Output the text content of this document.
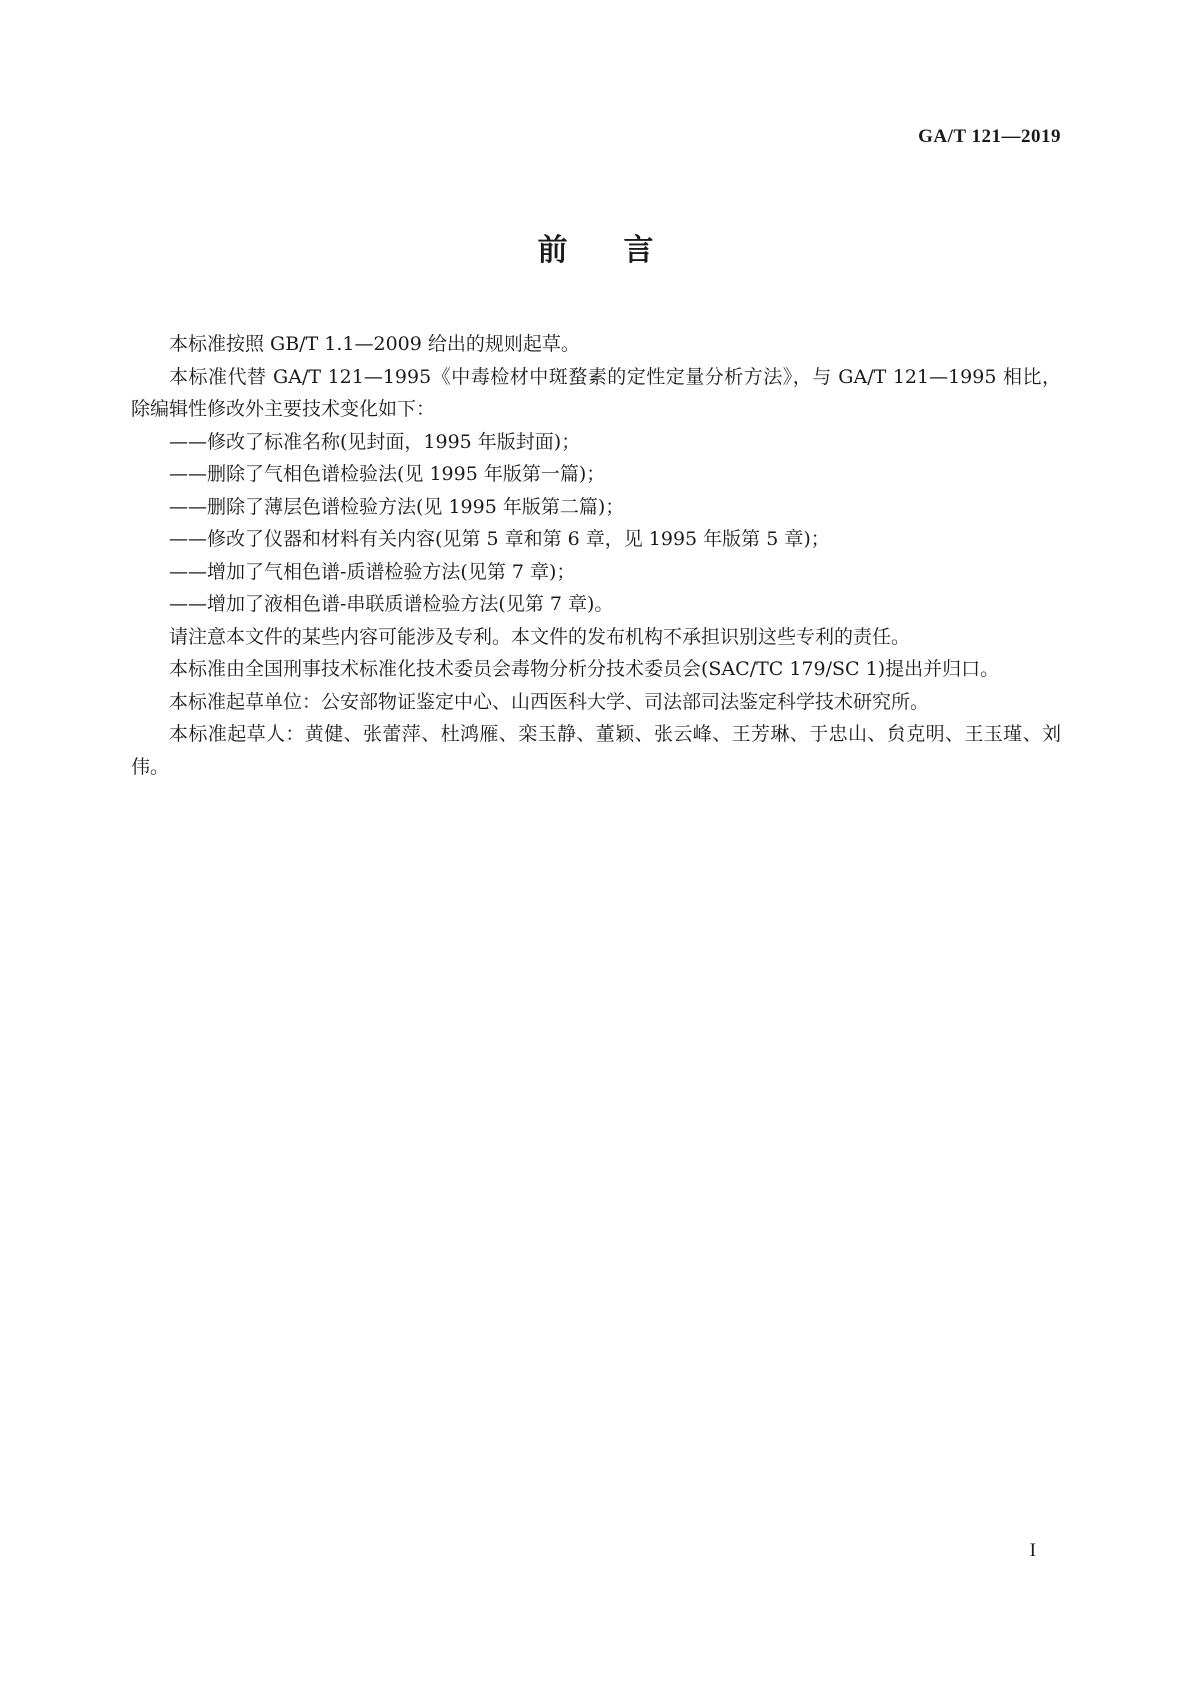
GA/T 121—2019
前言

本标准按照 GB/T 1.1—2009 给出的规则起草。

本标准代替 GA/T 121—1995《中毒检材中斑蝥素的定性定量分析方法》，与 GA/T 121—1995 相比，除编辑性修改外主要技术变化如下：

——修改了标准名称(见封面，1995 年版封面)；
——删除了气相色谱检验法(见 1995 年版第一篇)；
——删除了薄层色谱检验方法(见 1995 年版第二篇)；
——修改了仪器和材料有关内容(见第 5 章和第 6 章，见 1995 年版第 5 章)；
——增加了气相色谱-质谱检验方法(见第 7 章)；
——增加了液相色谱-串联质谱检验方法(见第 7 章)。

请注意本文件的某些内容可能涉及专利。本文件的发布机构不承担识别这些专利的责任。

本标准由全国刑事技术标准化技术委员会毒物分析分技术委员会(SAC/TC 179/SC 1)提出并归口。

本标准起草单位：公安部物证鉴定中心、山西医科大学、司法部司法鉴定科学技术研究所。

本标准起草人：黄健、张蕾萍、杜鸿雁、栾玉静、董颖、张云峰、王芳琳、于忠山、贠克明、王玉瑾、刘伟。

I
